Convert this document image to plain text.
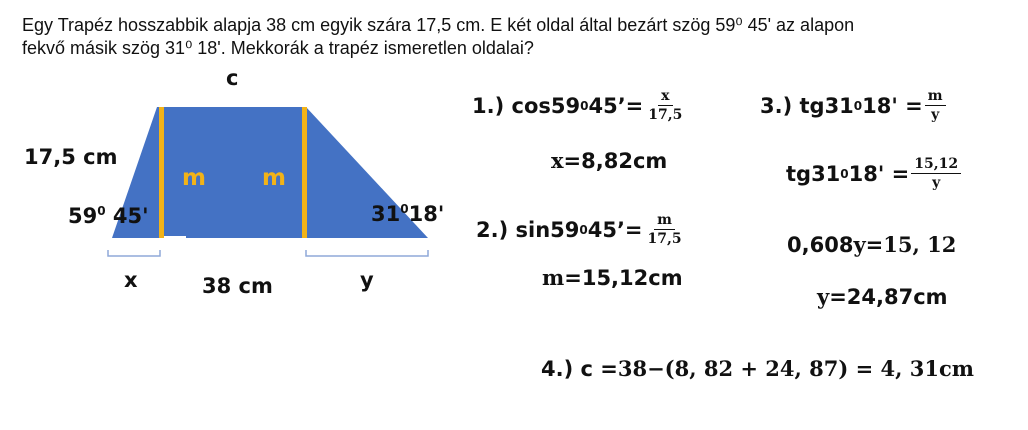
Egy Trapéz hosszabbik alapja 38 cm egyik szára 17,5 cm. E két oldal által bezárt szög 59⁰ 45' az alapon
fekvő másik szög 31⁰ 18'. Mekkorák a trapéz ismeretlen oldalai?
c
17,5 cm
m m
$59^0$ 45'	$31^018'$
x	38 cm	y
1.) cos59 0 45’= $\frac{x}{17,5}$
x =8,82cm
2.) sin59 0 45’= $\frac{m}{17,5}$
m =15,12cm
3.) tg31 0 $18' = \frac{m}{y}$
tg31 0 $18' = \frac{15,12}{y}$
0,608 y = 15, 12
y =24,87cm
4.) c = 38−(8, 82 + 24, 87) = 4, 31cm
